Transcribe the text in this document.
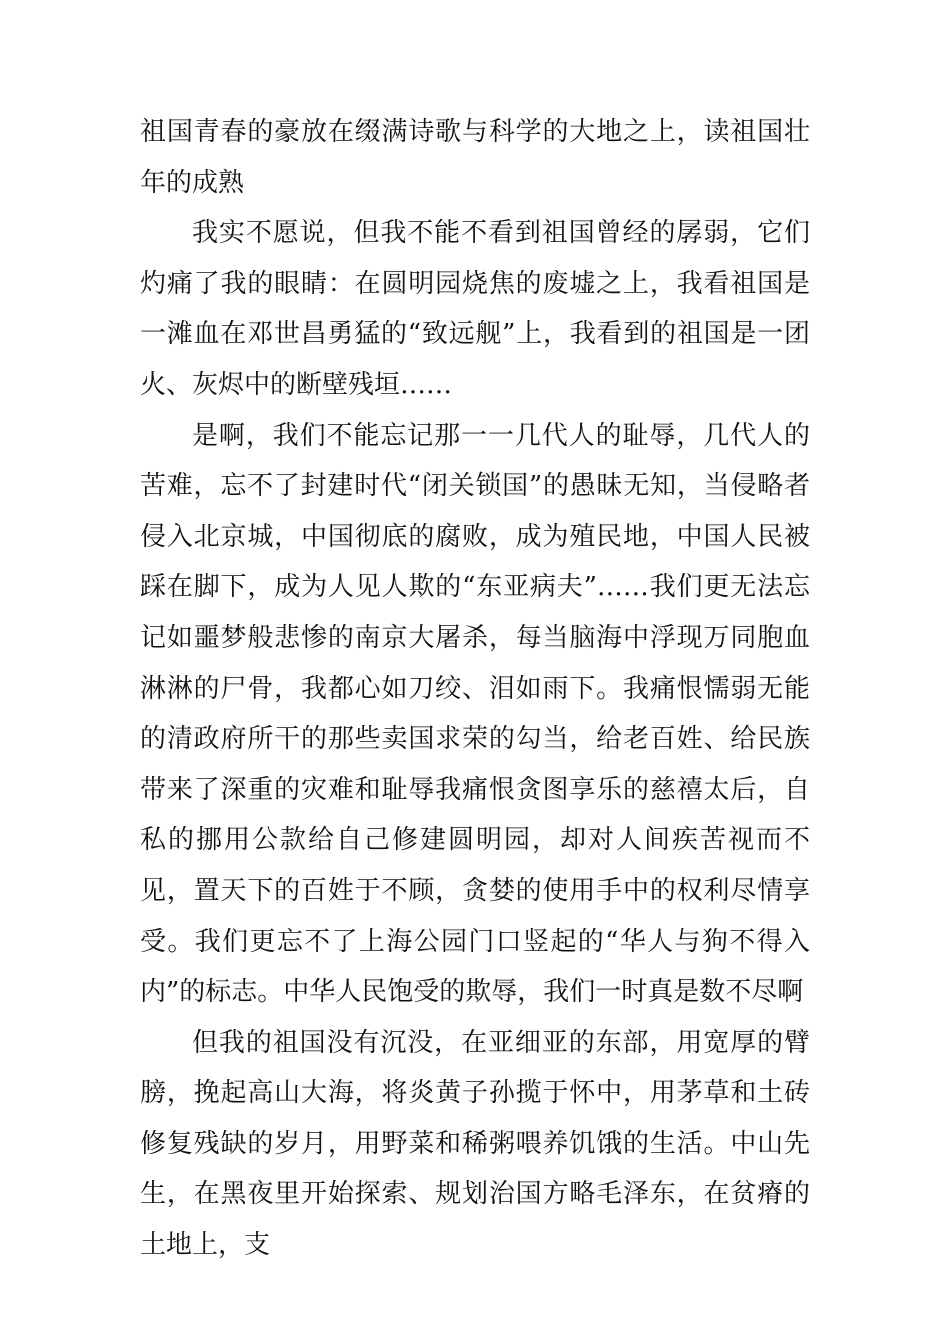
祖国青春的豪放在缀满诗歌与科学的大地之上，读祖国壮年的成熟

我实不愿说，但我不能不看到祖国曾经的孱弱，它们灼痛了我的眼睛：在圆明园烧焦的废墟之上，我看祖国是一滩血在邓世昌勇猛的“致远舰”上，我看到的祖国是一团火、灰烬中的断壁残垣……

是啊，我们不能忘记那一一几代人的耻辱，几代人的苦难，忘不了封建时代“闭关锁国”的愚昧无知，当侵略者侵入北京城，中国彻底的腐败，成为殖民地，中国人民被踩在脚下，成为人见人欺的“东亚病夫”……我们更无法忘记如噩梦般悲惨的南京大屠杀，每当脑海中浮现万同胞血淋淋的尸骨，我都心如刀绞、泪如雨下。我痛恨懦弱无能的清政府所干的那些卖国求荣的勾当，给老百姓、给民族带来了深重的灾难和耻辱我痛恨贪图享乐的慈禧太后，自私的挪用公款给自己修建圆明园，却对人间疾苦视而不见，置天下的百姓于不顾，贪婪的使用手中的权利尽情享受。我们更忘不了上海公园门口竖起的“华人与狗不得入内”的标志。中华人民饱受的欺辱，我们一时真是数不尽啊

但我的祖国没有沉没，在亚细亚的东部，用宽厚的臂膀，挽起高山大海，将炎黄子孙揽于怀中，用茅草和土砖修复残缺的岁月，用野菜和稀粥喂养饥饿的生活。中山先生，在黑夜里开始探索、规划治国方略毛泽东，在贫瘠的土地上，支
